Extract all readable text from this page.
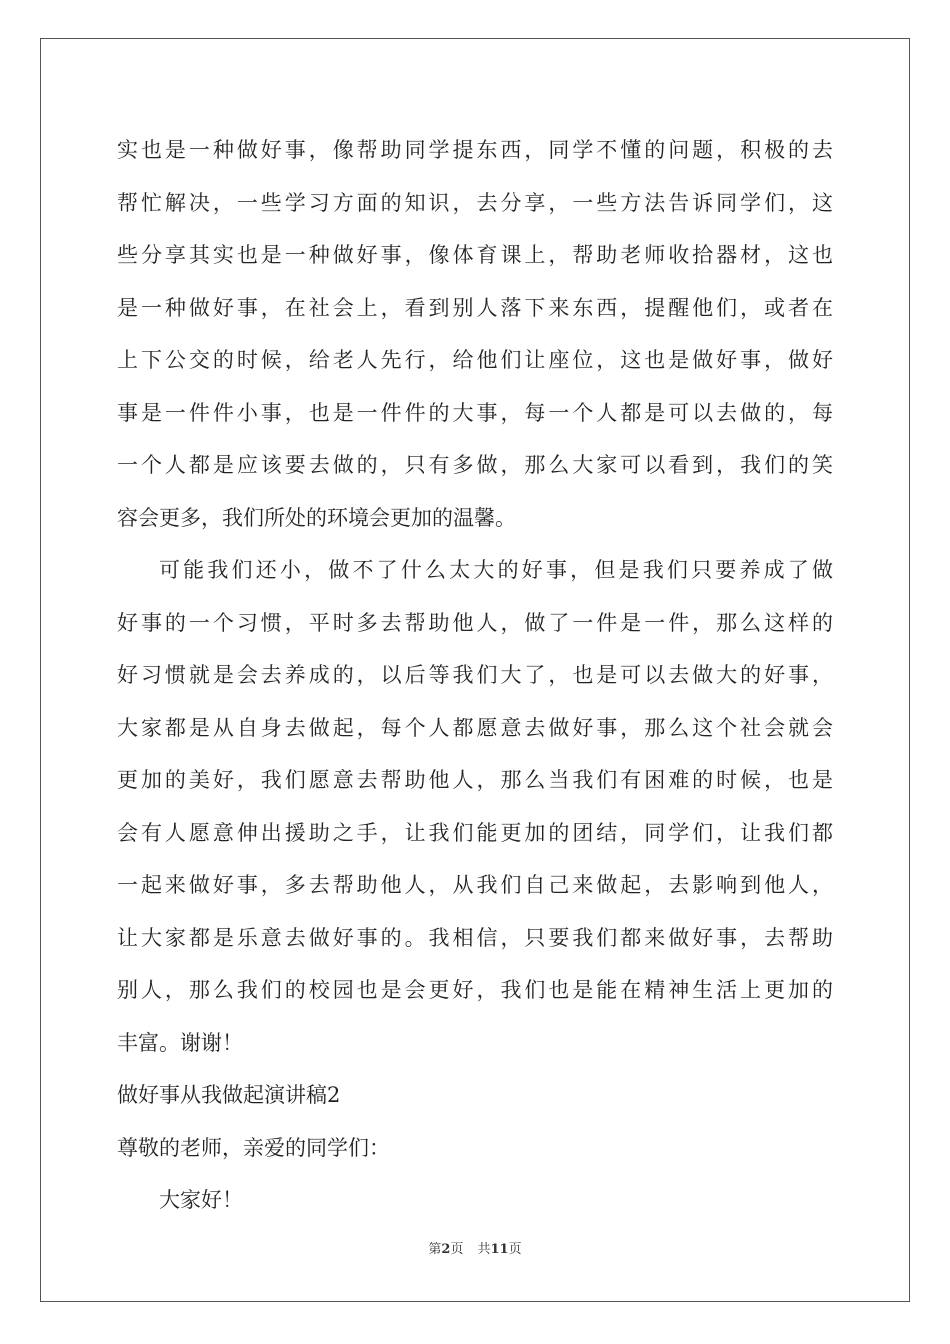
实也是一种做好事，像帮助同学提东西，同学不懂的问题，积极的去

帮忙解决，一些学习方面的知识，去分享，一些方法告诉同学们，这

些分享其实也是一种做好事，像体育课上，帮助老师收拾器材，这也

是一种做好事，在社会上，看到别人落下来东西，提醒他们，或者在

上下公交的时候，给老人先行，给他们让座位，这也是做好事，做好

事是一件件小事，也是一件件的大事，每一个人都是可以去做的，每

一个人都是应该要去做的，只有多做，那么大家可以看到，我们的笑

容会更多，我们所处的环境会更加的温馨。

可能我们还小，做不了什么太大的好事，但是我们只要养成了做

好事的一个习惯，平时多去帮助他人，做了一件是一件，那么这样的

好习惯就是会去养成的，以后等我们大了，也是可以去做大的好事，

大家都是从自身去做起，每个人都愿意去做好事，那么这个社会就会

更加的美好，我们愿意去帮助他人，那么当我们有困难的时候，也是

会有人愿意伸出援助之手，让我们能更加的团结，同学们，让我们都

一起来做好事，多去帮助他人，从我们自己来做起，去影响到他人，

让大家都是乐意去做好事的。我相信，只要我们都来做好事，去帮助

别人，那么我们的校园也是会更好，我们也是能在精神生活上更加的

丰富。谢谢！

做好事从我做起演讲稿2

尊敬的老师，亲爱的同学们：

大家好！

第2页 共11页
